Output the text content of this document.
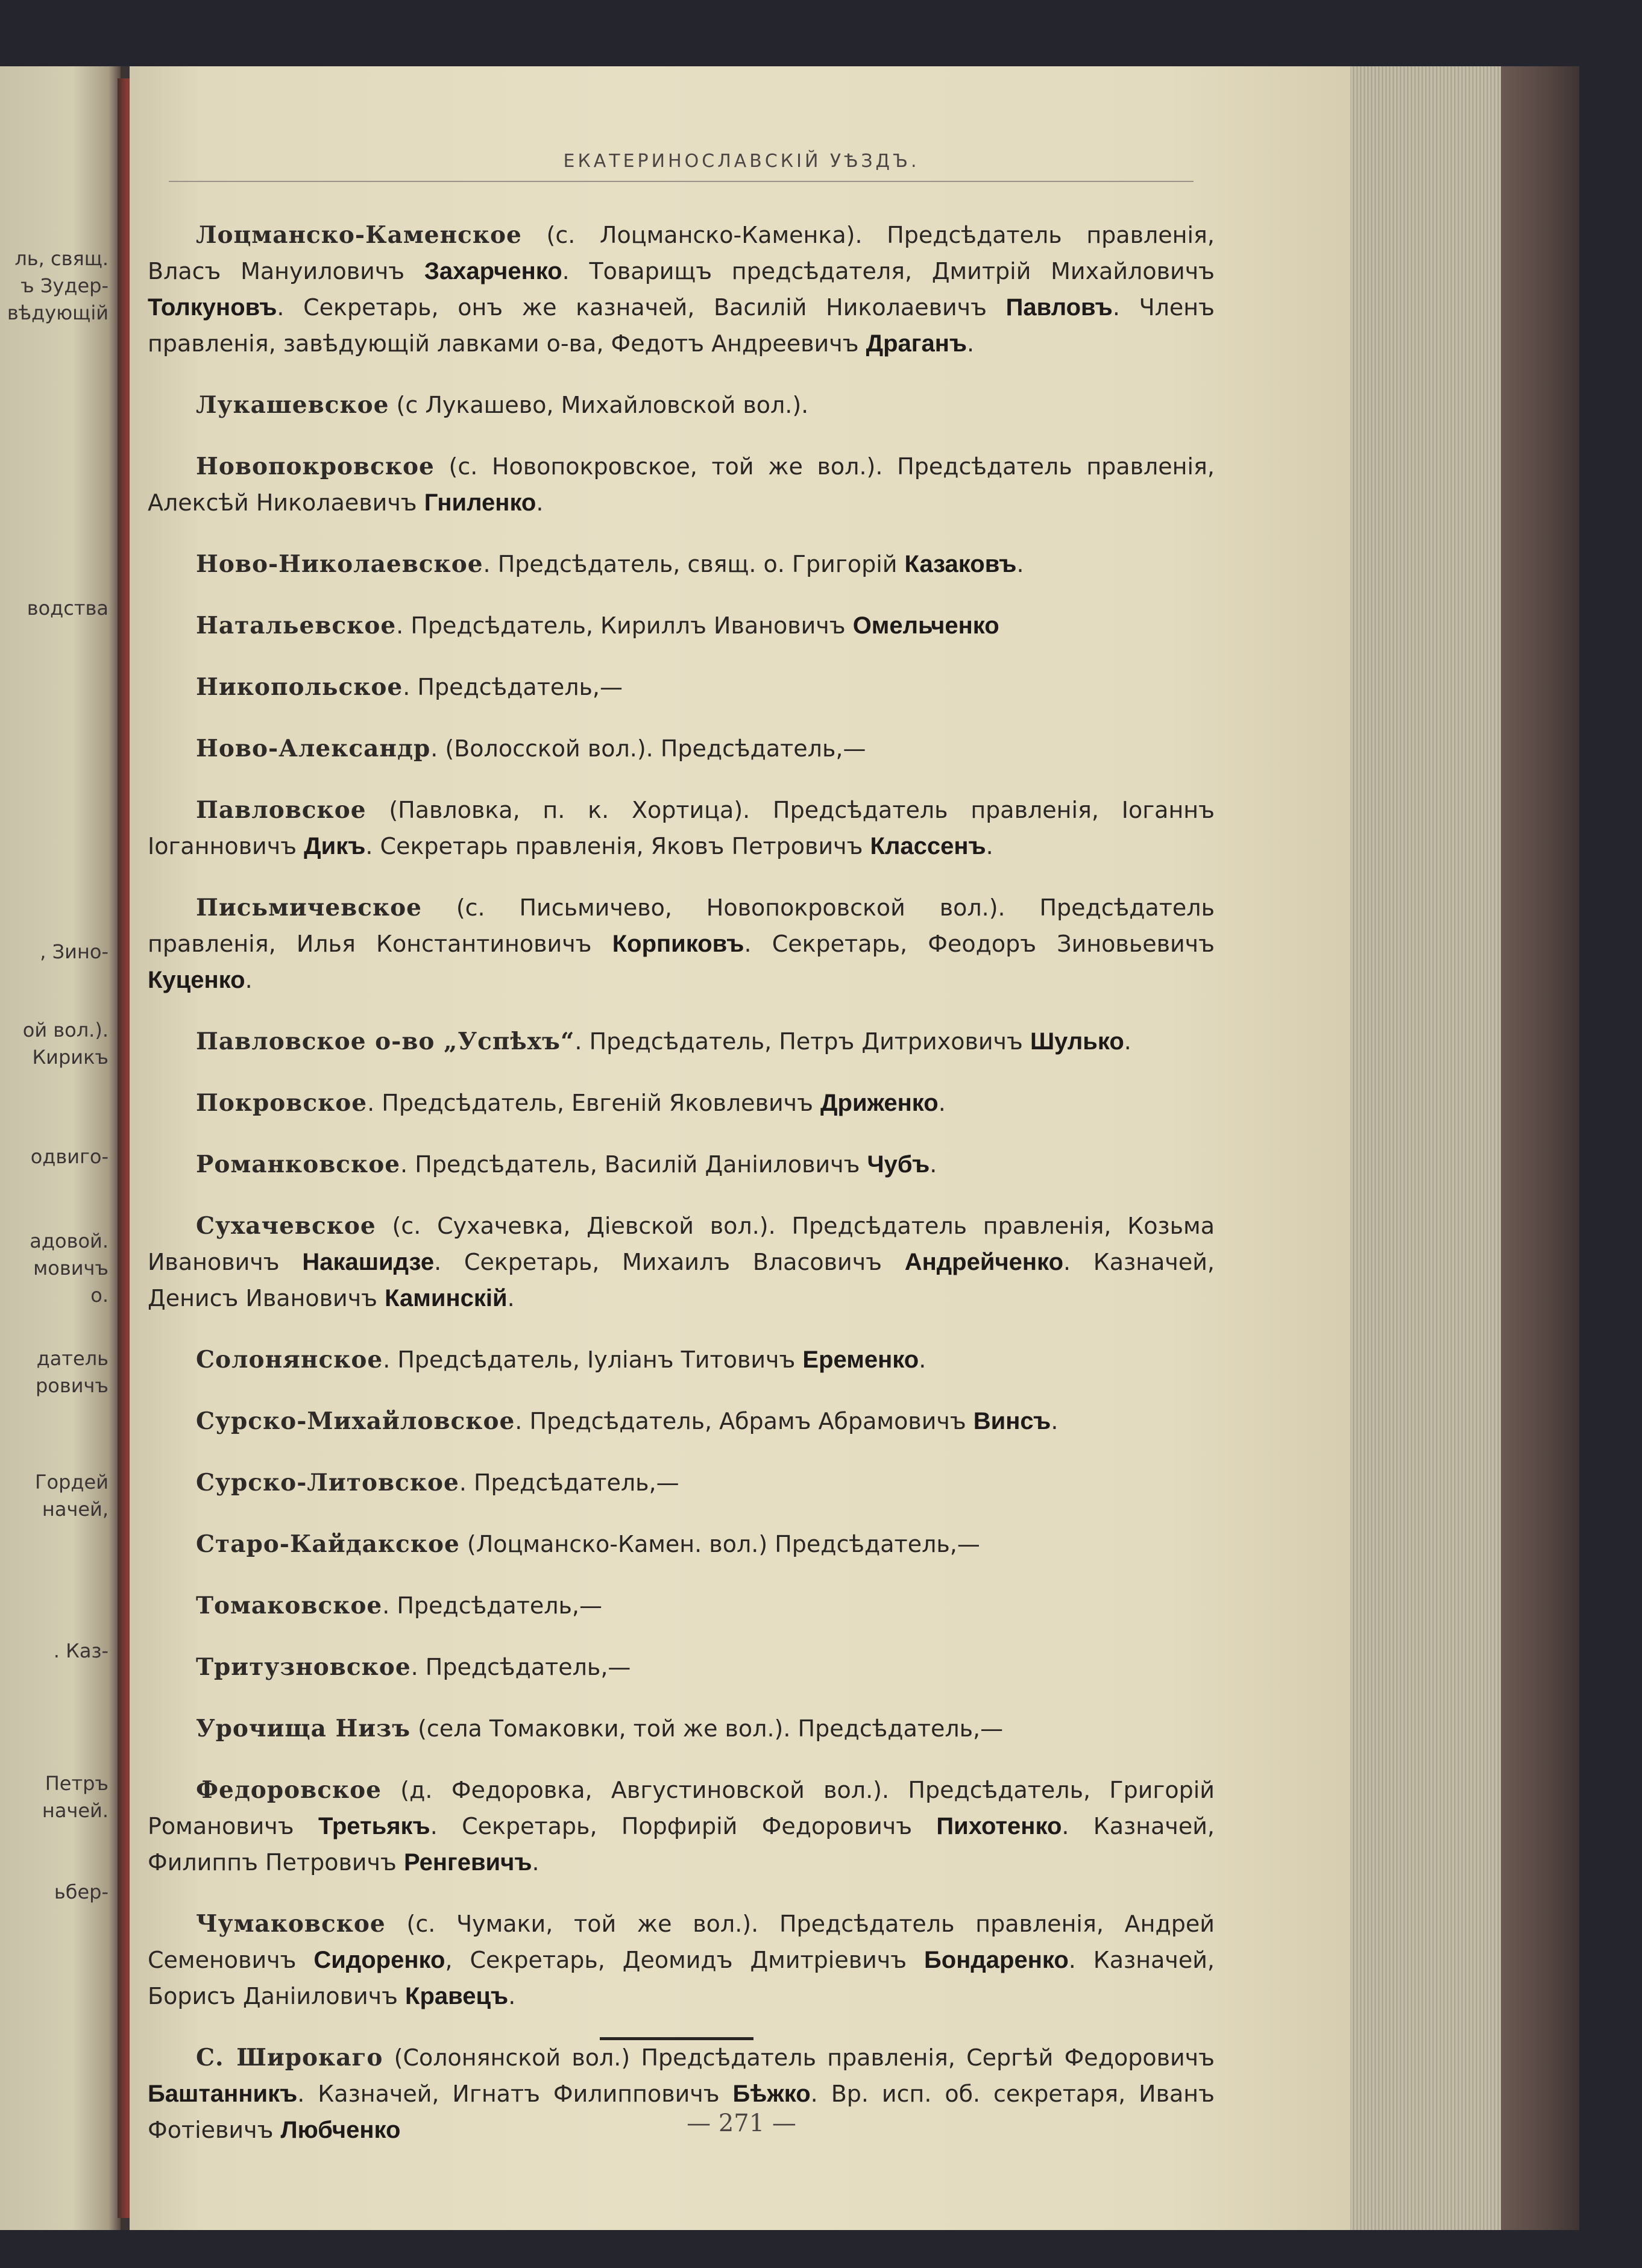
ль, свящ.
ъ Зудер-
вѣдующій
водства
, Зино-
ой вол.).
Кирикъ
одвиго-
адовой.
мовичъ
о.
датель
ровичъ
Гордей
начей,
. Каз-
Петръ
начей.
ьбер-
ЕКАТЕРИНОСЛАВСКІЙ УѢЗДЪ.

Лоцманско-Каменское (с. Лоцманско-Каменка). Предсѣдатель правленія, Власъ Мануиловичъ Захарченко. Товарищъ предсѣдателя, Дмитрій Михайловичъ Толкуновъ. Секретарь, онъ же казначей, Василій Николаевичъ Павловъ. Членъ правленія, завѣдующій лавками о-ва, Федотъ Андреевичъ Драганъ.

Лукашевское (с Лукашево, Михайловской вол.).

Новопокровское (с. Новопокровское, той же вол.). Предсѣдатель правленія, Алексѣй Николаевичъ Гниленко.

Ново-Николаевское. Предсѣдатель, свящ. о. Григорій Казаковъ.

Натальевское. Предсѣдатель, Кириллъ Ивановичъ Омельченко

Никопольское. Предсѣдатель,—

Ново-Александр. (Волосской вол.). Предсѣдатель,—

Павловское (Павловка, п. к. Хортица). Предсѣдатель правленія, Іоганнъ Іоганновичъ Дикъ. Секретарь правленія, Яковъ Петровичъ Классенъ.

Письмичевское (с. Письмичево, Новопокровской вол.). Предсѣдатель правленія, Илья Константиновичъ Корпиковъ. Секретарь, Феодоръ Зиновьевичъ Куценко.

Павловское о-во „Успѣхъ“. Предсѣдатель, Петръ Дитриховичъ Шулько.

Покровское. Предсѣдатель, Евгеній Яковлевичъ Дриженко.

Романковское. Предсѣдатель, Василій Даніиловичъ Чубъ.

Сухачевское (с. Сухачевка, Діевской вол.). Предсѣдатель правленія, Козьма Ивановичъ Накашидзе. Секретарь, Михаилъ Власовичъ Андрейченко. Казначей, Денисъ Ивановичъ Каминскій.

Солонянское. Предсѣдатель, Іуліанъ Титовичъ Еременко.

Сурско-Михайловское. Предсѣдатель, Абрамъ Абрамовичъ Винсъ.

Сурско-Литовское. Предсѣдатель,—

Старо-Кайдакское (Лоцманско-Камен. вол.) Предсѣдатель,—

Томаковское. Предсѣдатель,—

Тритузновское. Предсѣдатель,—

Урочища Низъ (села Томаковки, той же вол.). Предсѣдатель,—

Федоровское (д. Федоровка, Августиновской вол.). Предсѣдатель, Григорій Романовичъ Третьякъ. Секретарь, Порфирій Федоровичъ Пихотенко. Казначей, Филиппъ Петровичъ Ренгевичъ.

Чумаковское (с. Чумаки, той же вол.). Предсѣдатель правленія, Андрей Семеновичъ Сидоренко, Секретарь, Деомидъ Дмитріевичъ Бондаренко. Казначей, Борисъ Даніиловичъ Кравецъ.

С. Широкаго (Солонянской вол.) Предсѣдатель правленія, Сергѣй Федоровичъ Баштанникъ. Казначей, Игнатъ Филипповичъ Бѣжко. Вр. исп. об. секретаря, Иванъ Фотіевичъ Любченко	— 271 —
